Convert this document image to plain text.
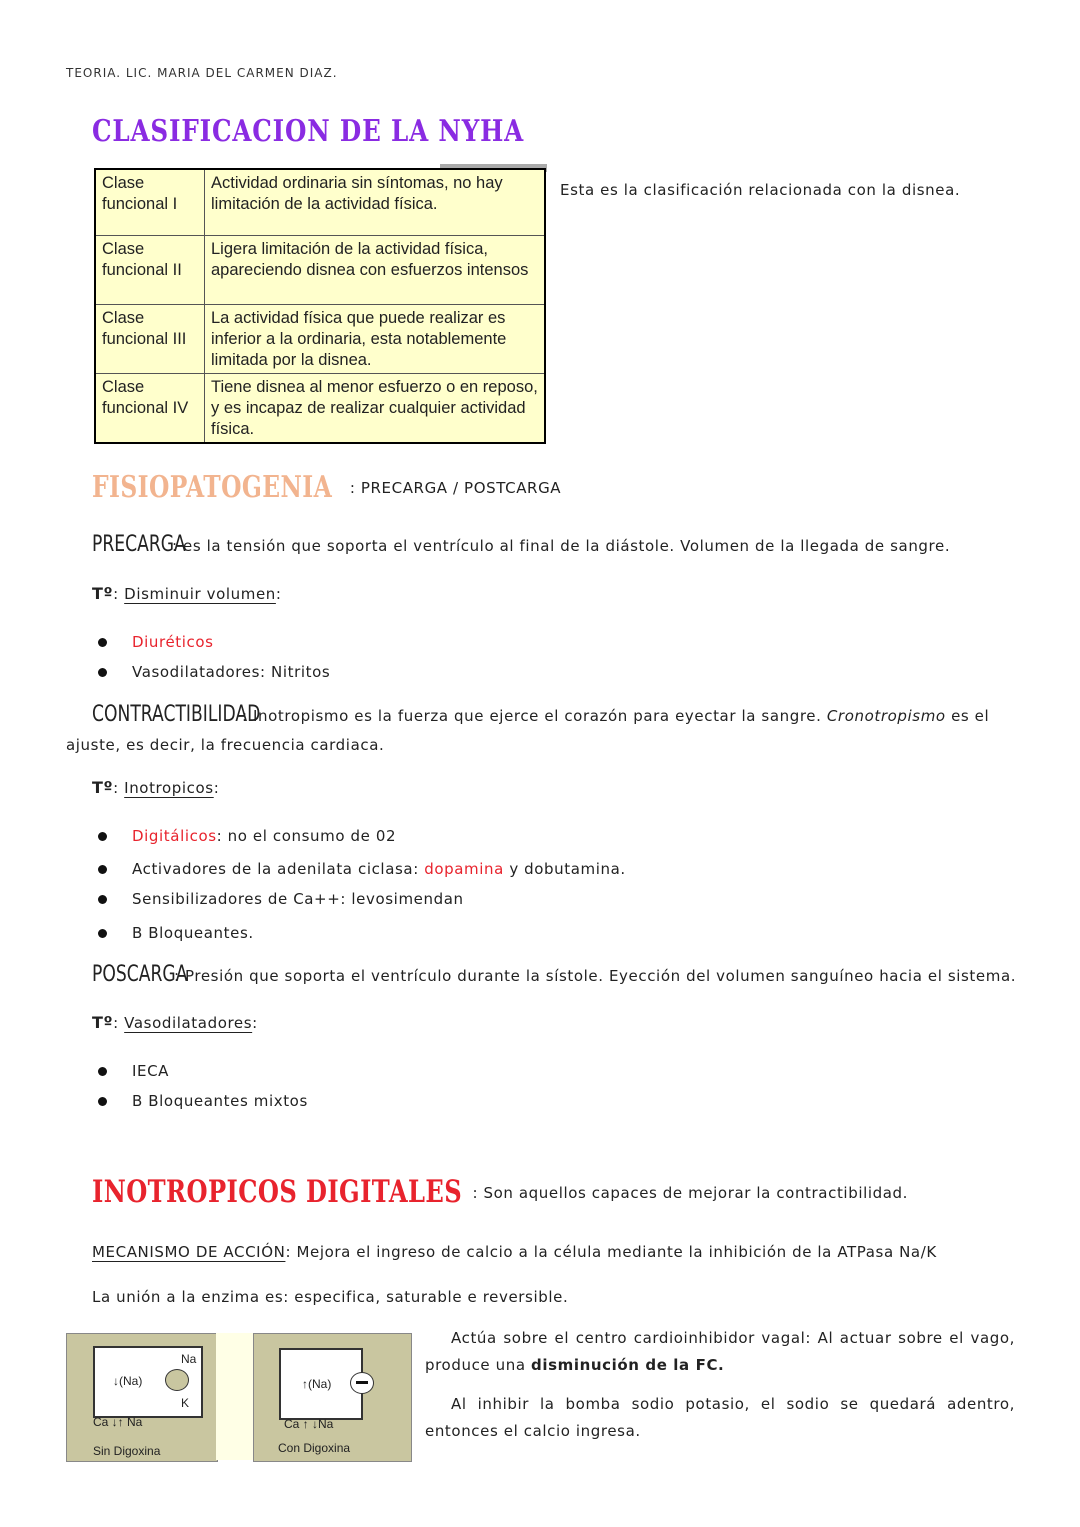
TEORIA. LIC. MARIA DEL CARMEN DIAZ.
CLASIFICACION DE LA NYHA
Clase funcional I	Actividad ordinaria sin síntomas, no hay limitación de la actividad física.
Clase funcional II	Ligera limitación de la actividad física, apareciendo disnea con esfuerzos intensos
Clase funcional III	La actividad física que puede realizar es inferior a la ordinaria, esta notablemente limitada por la disnea.
Clase funcional IV	Tiene disnea al menor esfuerzo o en reposo, y es incapaz de realizar cualquier actividad física.
Esta es la clasificación relacionada con la disnea.
FISIOPATOGENIA : PRECARGA / POSTCARGA
PRECARGA: es la tensión que soporta el ventrículo al final de la diástole. Volumen de la llegada de sangre.
Tº: Disminuir volumen:
Diuréticos
Vasodilatadores: Nitritos
CONTRACTIBILIDAD: Inotropismo es la fuerza que ejerce el corazón para eyectar la sangre. Cronotropismo es el
ajuste, es decir, la frecuencia cardiaca.
Tº: Inotropicos:
Digitálicos: no el consumo de 02
Activadores de la adenilata ciclasa: dopamina y dobutamina.
Sensibilizadores de Ca++: levosimendan
B Bloqueantes.
POSCARGA: Presión que soporta el ventrículo durante la sístole. Eyección del volumen sanguíneo hacia el sistema.
Tº: Vasodilatadores:
IECA
B Bloqueantes mixtos
INOTROPICOS DIGITALES : Son aquellos capaces de mejorar la contractibilidad.
MECANISMO DE ACCIÓN: Mejora el ingreso de calcio a la célula mediante la inhibición de la ATPasa Na/K
La unión a la enzima es: especifica, saturable e reversible.
↓(Na)
Na
K
Ca ↓↑ Na
Sin Digoxina
↑(Na)
Ca ↑ ↓Na
Con Digoxina
Actúa sobre el centro cardioinhibidor vagal: Al actuar sobre el vago, produce una disminución de la FC.
Al inhibir la bomba sodio potasio, el sodio se quedará adentro, entonces el calcio ingresa.
